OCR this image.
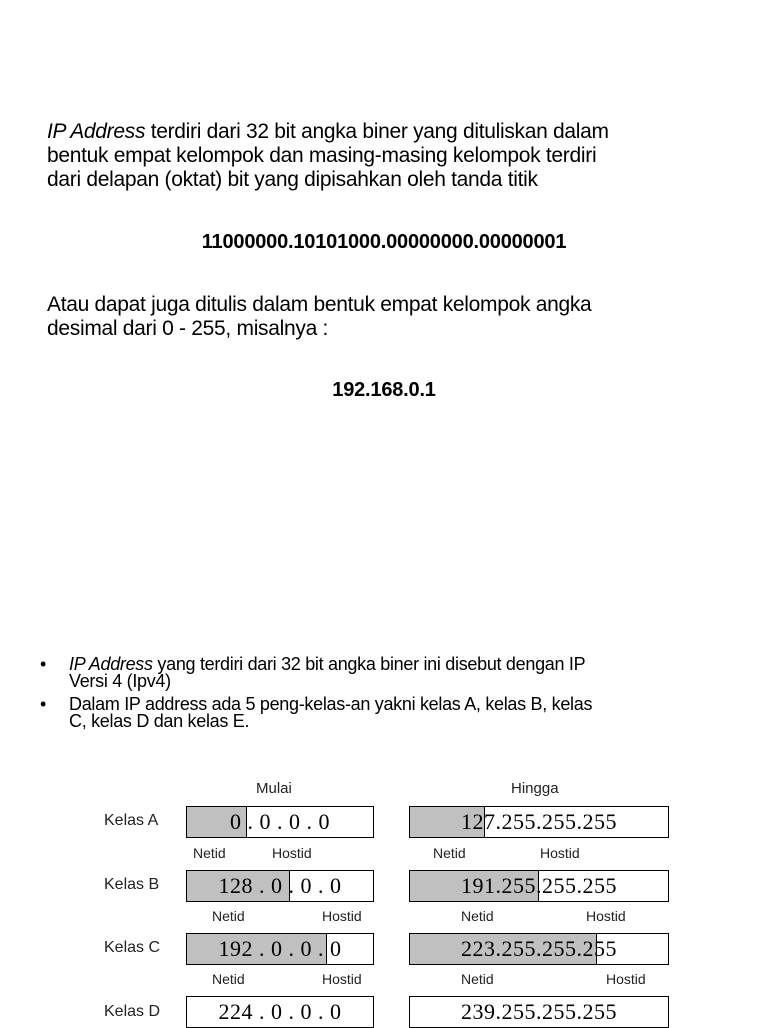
IP Address terdiri dari 32 bit angka biner yang dituliskan dalam
bentuk empat kelompok dan masing-masing kelompok terdiri
dari delapan (oktat) bit yang dipisahkan oleh tanda titik
11000000.10101000.00000000.00000001
Atau dapat juga ditulis dalam bentuk empat kelompok angka
desimal dari 0 - 255, misalnya :
192.168.0.1
• IP Address yang terdiri dari 32 bit angka biner ini disebut dengan IP
Versi 4 (Ipv4)
• Dalam IP address ada 5 peng-kelas-an yakni kelas A, kelas B, kelas
C, kelas D dan kelas E.
Mulai	Hingga
Kelas A	0 . 0 . 0 . 0	127.255.255.255
Netid	Hostid	Netid	Hostid
Kelas B	128 . 0 . 0 . 0	191.255.255.255
Netid	Hostid	Netid	Hostid
Kelas C	192 . 0 . 0 . 0	223.255.255.255
Netid	Hostid	Netid	Hostid
Kelas D	224 . 0 . 0 . 0	239.255.255.255
